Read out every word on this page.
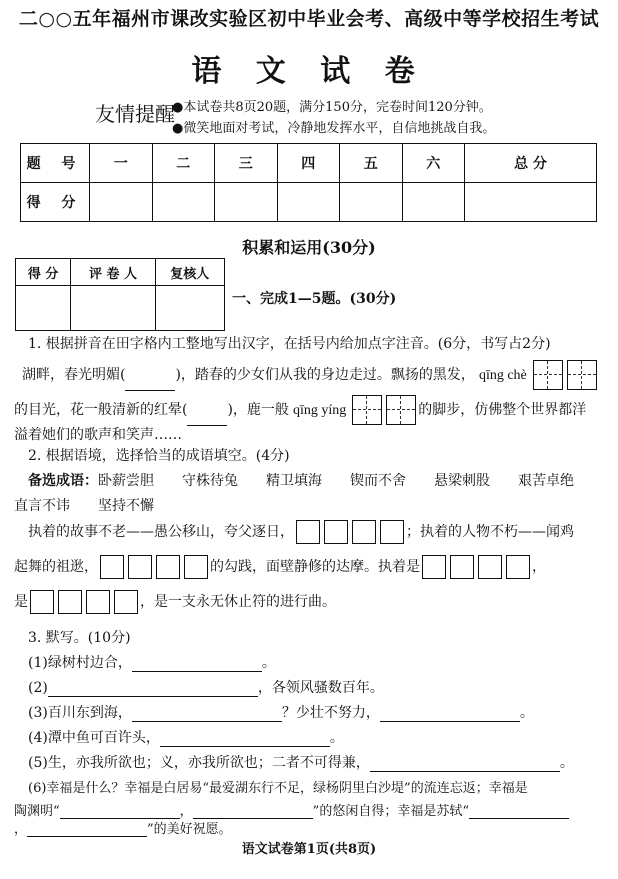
二○○五年福州市课改实验区初中毕业会考、高级中等学校招生考试
语 文 试 卷
友情提醒
●本试卷共8页20题，满分150分，完卷时间120分钟。
●微笑地面对考试，冷静地发挥水平，自信地挑战自我。
题 号	一	二	三	四	五	六	总 分
得 分							
积累和运用(30分)
得 分	评 卷 人	复核人

一、完成1—5题。(30分)
1. 根据拼音在田字格内工整地写出汉字，在括号内给加点字注音。(6分，书写占2分)
湖畔，春光明媚(	)，踏春的少女们从我的身边走过。飘扬的黑发， qīng chè
的目光，花一般清新的红晕(	)，鹿一般 qīng yíng	的脚步，仿佛整个世界都洋
溢着她们的歌声和笑声……
2. 根据语境，选择恰当的成语填空。(4分)
备选成语：卧薪尝胆　　守株待兔　　精卫填海　　锲而不舍　　悬梁刺股　　艰苦卓绝
直言不讳　　坚持不懈
执着的故事不老——愚公移山，夸父逐日，	；执着的人物不朽——闻鸡
起舞的祖逖，	的勾践，面壁静修的达摩。执着是	，
是	，是一支永无休止符的进行曲。
3. 默写。(10分)
(1)绿树村边合，	。
(2)	，各领风骚数百年。
(3)百川东到海，	？少壮不努力，	。
(4)潭中鱼可百许头，	。
(5)生，亦我所欲也；义，亦我所欲也；二者不可得兼，	。
(6)幸福是什么？幸福是白居易“最爱湖东行不足，绿杨阴里白沙堤”的流连忘返；幸福是
陶渊明“	，	”的悠闲自得；幸福是苏轼“
，	”的美好祝愿。
语文试卷第1页(共8页)
